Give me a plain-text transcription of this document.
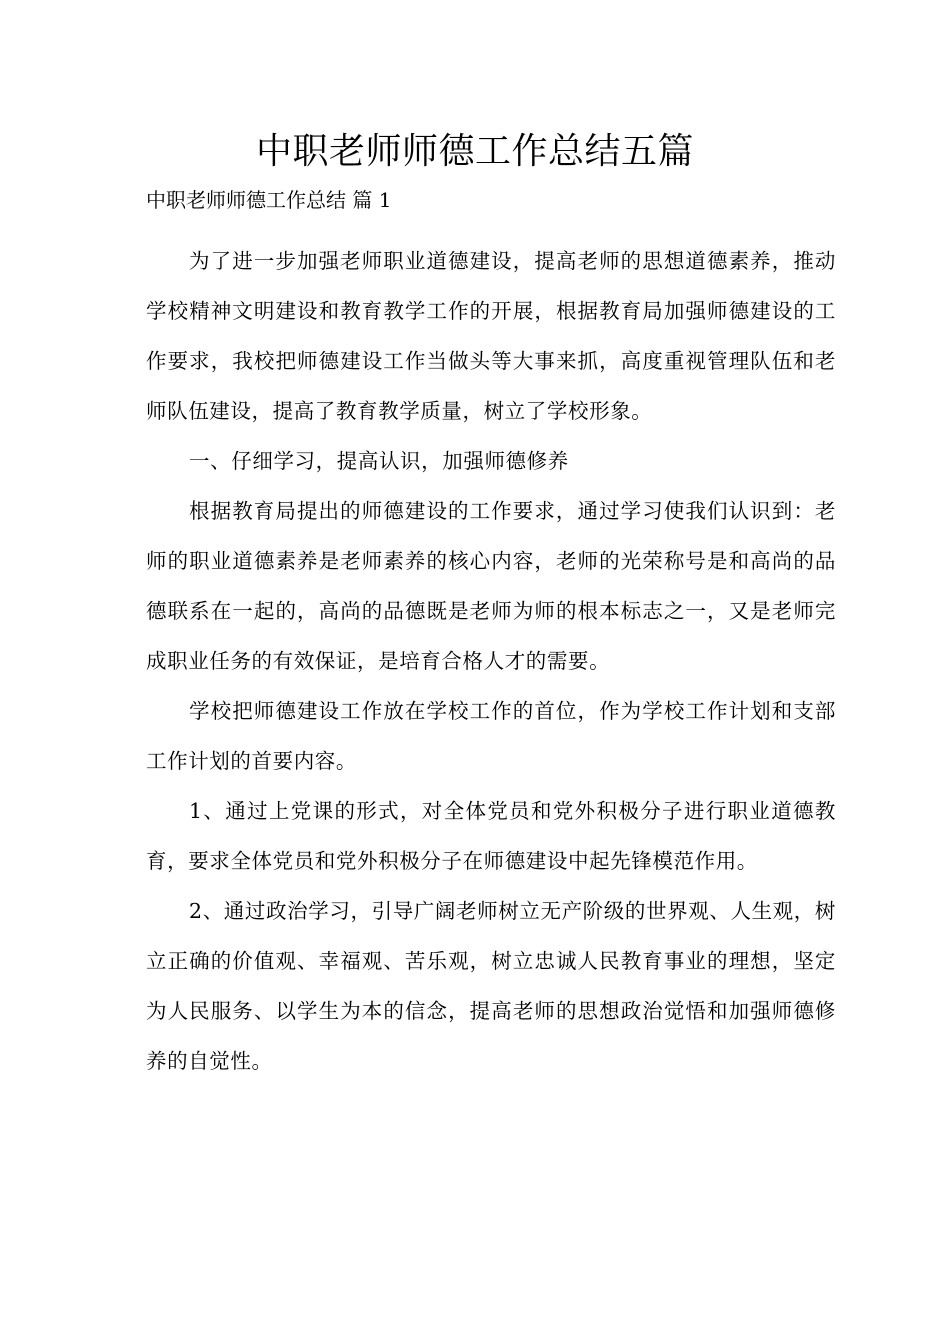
中职老师师德工作总结五篇
中职老师师德工作总结 篇 1

为了进一步加强老师职业道德建设，提高老师的思想道德素养，推动学校精神文明建设和教育教学工作的开展，根据教育局加强师德建设的工作要求，我校把师德建设工作当做头等大事来抓，高度重视管理队伍和老师队伍建设，提高了教育教学质量，树立了学校形象。

一、仔细学习，提高认识，加强师德修养

根据教育局提出的师德建设的工作要求，通过学习使我们认识到：老师的职业道德素养是老师素养的核心内容，老师的光荣称号是和高尚的品德联系在一起的，高尚的品德既是老师为师的根本标志之一，又是老师完成职业任务的有效保证，是培育合格人才的需要。

学校把师德建设工作放在学校工作的首位，作为学校工作计划和支部工作计划的首要内容。

1、通过上党课的形式，对全体党员和党外积极分子进行职业道德教育，要求全体党员和党外积极分子在师德建设中起先锋模范作用。

2、通过政治学习，引导广阔老师树立无产阶级的世界观、人生观，树立正确的价值观、幸福观、苦乐观，树立忠诚人民教育事业的理想，坚定为人民服务、以学生为本的信念，提高老师的思想政治觉悟和加强师德修养的自觉性。
